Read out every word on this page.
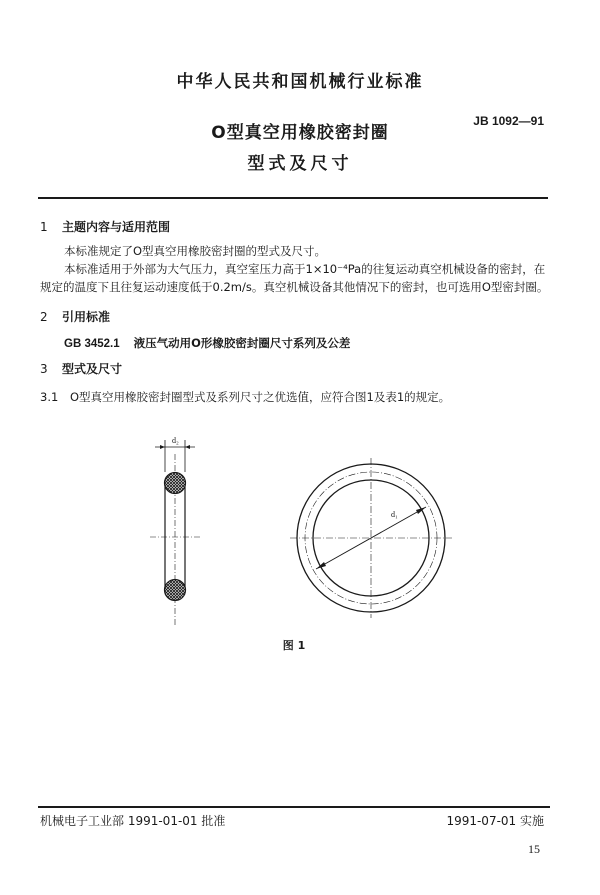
中华人民共和国机械行业标准
JB 1092—91
O型真空用橡胶密封圈
型式及尺寸
1 主题内容与适用范围
本标准规定了O型真空用橡胶密封圈的型式及尺寸。
本标准适用于外部为大气压力，真空室压力高于1×10⁻⁴Pa的往复运动真空机械设备的密封，在规定的温度下且往复运动速度低于0.2m/s。真空机械设备其他情况下的密封，也可选用O型密封圈。
2 引用标准
GB 3452.1 液压气动用O形橡胶密封圈尺寸系列及公差
3 型式及尺寸
3.1 O型真空用橡胶密封圈型式及系列尺寸之优选值，应符合图1及表1的规定。
d₂
d₁
图 1
机械电子工业部 1991-01-01 批准	1991-07-01 实施
15
